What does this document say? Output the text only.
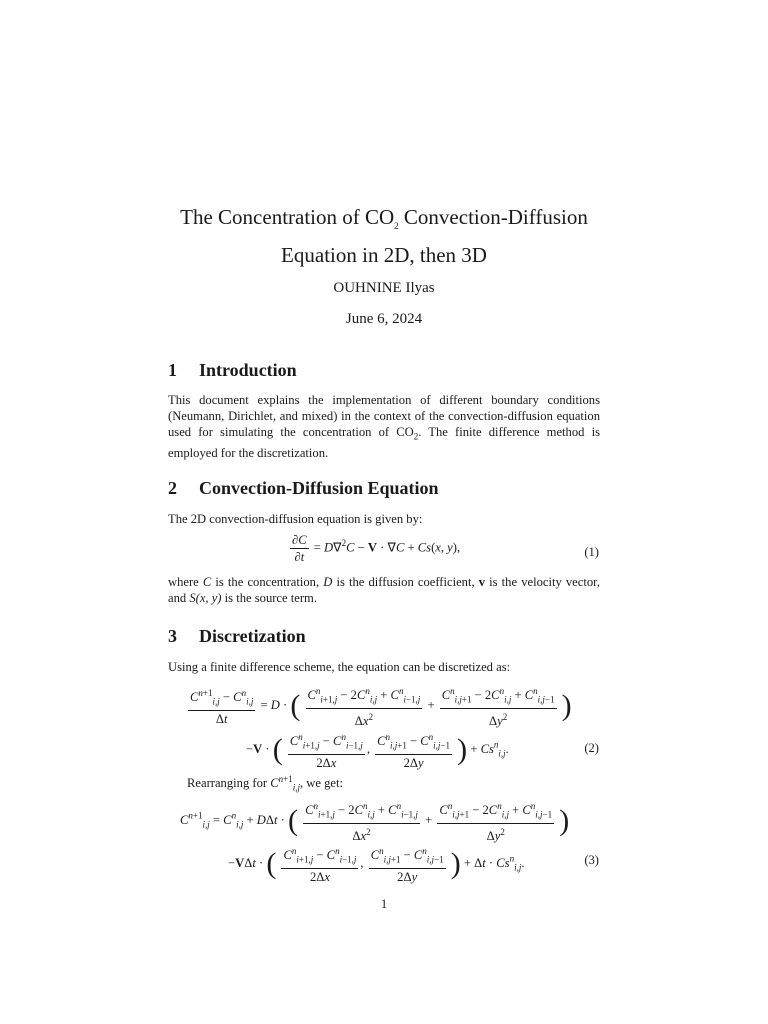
The Concentration of $CO_2$ Convection-Diffusion
Equation in 2D, then 3D
OUHNINE Ilyas
June 6, 2024
1 Introduction
This document explains the implementation of different boundary conditions (Neumann, Dirichlet, and mixed) in the context of the convection-diffusion equation used for simulating the concentration of $CO_2$. The finite difference method is employed for the discretization.
2 Convection-Diffusion Equation
The 2D convection-diffusion equation is given by:
$\frac{\partial C}{\partial t} = D\nabla^2C - V \cdot \nabla C + Cs(x$, y),	(1)
where C is the concentration, D is the diffusion coefficient, v is the velocity vector, and S(x, y) is the source term.
3 Discretization
Using a finite difference scheme, the equation can be discretized as:
$\frac{C^{n+1}_{i,j} - C^n_{i,j}}{\Delta t} = D$ · ( $\frac{C^n_{i+1,j} - 2C^n_{i,j} + C^n_{i-1,j}}{\Delta x^2} + \frac{C^n_{i,j+1} - 2C^n_{i,j} + C^n_{i,j-1}}{\Delta y^2}$ )
−V · ( $\frac{C^n_{i+1,j} - C^n_{i-1,j}}{2\Delta x}$ , $\frac{C^n_{i,j+1} - C^n_{i,j-1}}{2\Delta y}$ ) + $Cs^n_{i,j}$.	(2)
Rearranging for $C^{n+1}_{i,j}$, we get:
$C^{n+1}_{i,j} = C^n_{i,j} + D\Delta t$ · ( $\frac{C^n_{i+1,j} - 2C^n_{i,j} + C^n_{i-1,j}}{\Delta x^2} + \frac{C^n_{i,j+1} - 2C^n_{i,j} + C^n_{i,j-1}}{\Delta y^2}$ )
−VΔt · ( $\frac{C^n_{i+1,j} - C^n_{i-1,j}}{2\Delta x}$ , $\frac{C^n_{i,j+1} - C^n_{i,j-1}}{2\Delta y}$ ) + $\Delta t \cdot Cs^n_{i,j}$.	(3)
1
